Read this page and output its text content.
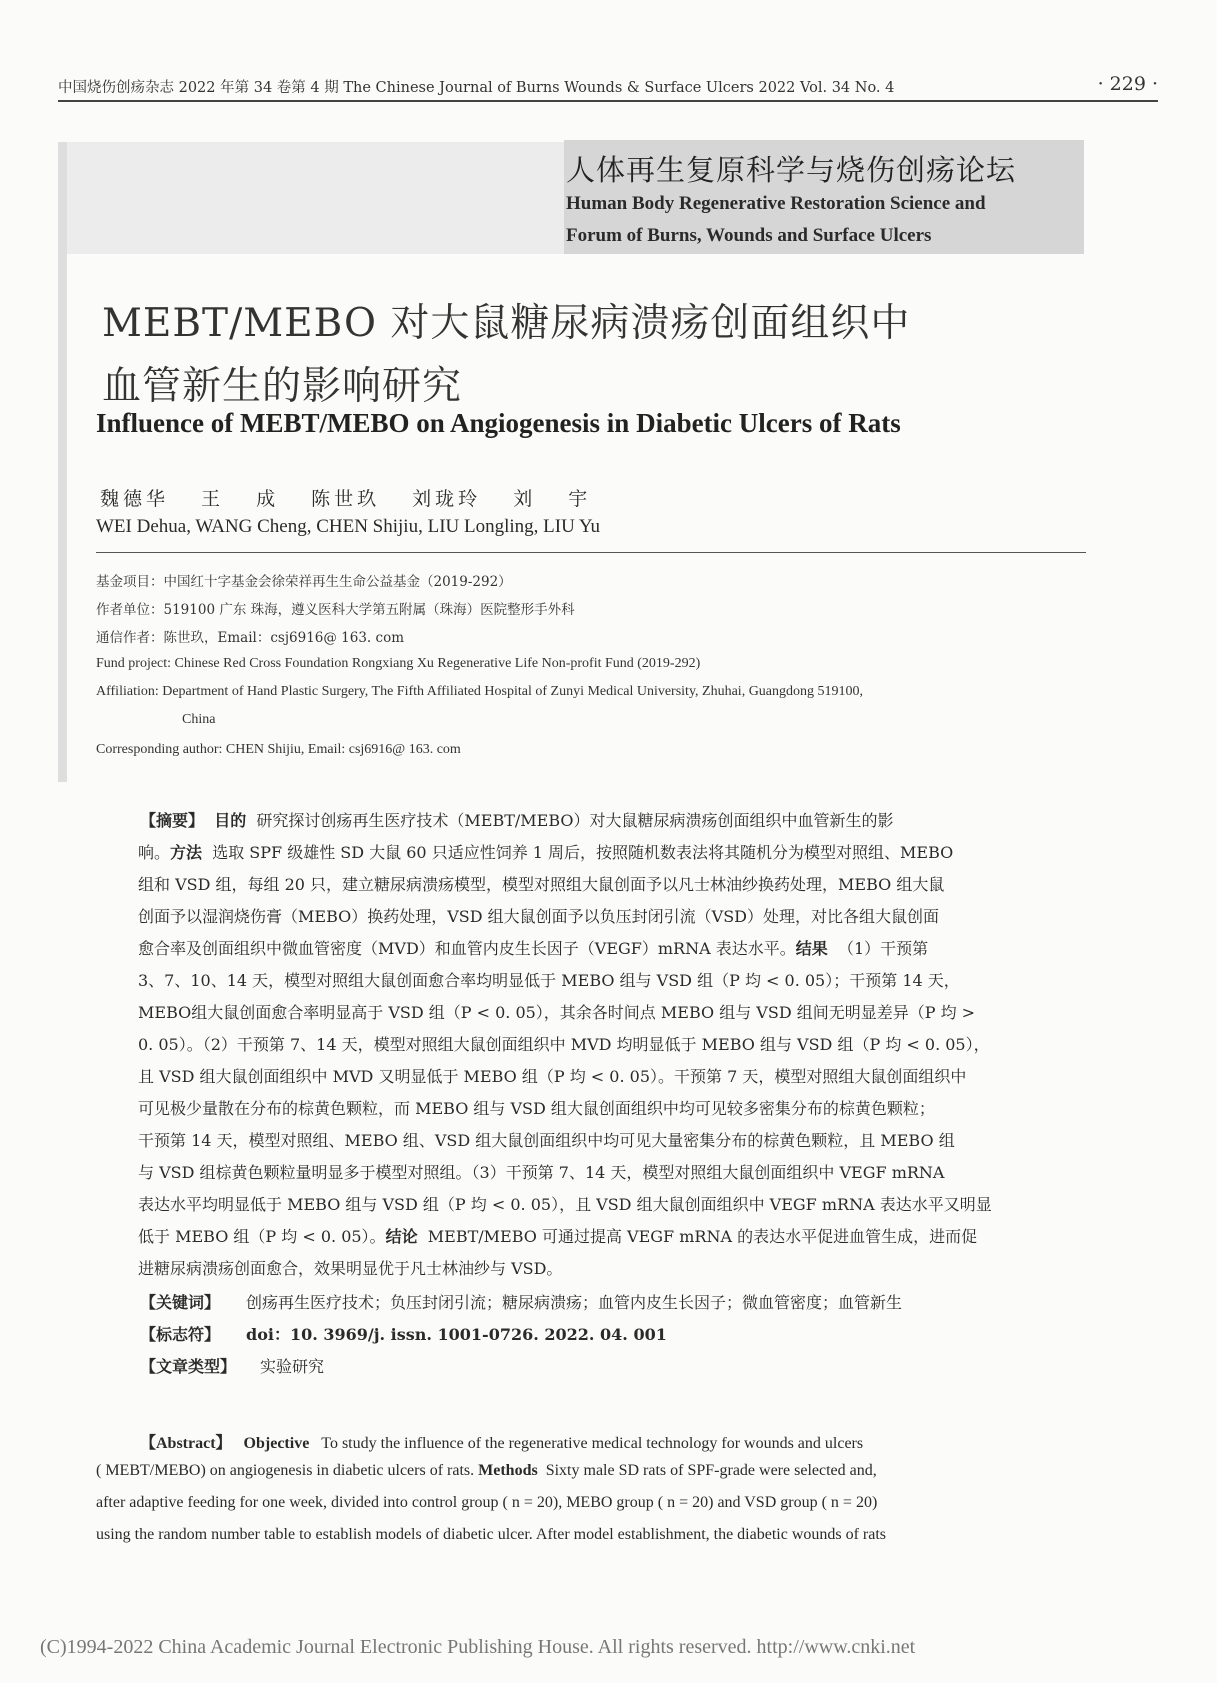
中国烧伤创疡杂志 2022 年第 34 卷第 4 期 The Chinese Journal of Burns Wounds & Surface Ulcers 2022 Vol. 34 No. 4	· 229 ·
人体再生复原科学与烧伤创疡论坛
Human Body Regenerative Restoration Science and
Forum of Burns, Wounds and Surface Ulcers
MEBT/MEBO 对大鼠糖尿病溃疡创面组织中
血管新生的影响研究
Influence of MEBT/MEBO on Angiogenesis in Diabetic Ulcers of Rats
魏德华 王 成 陈世玖 刘珑玲 刘 宇
WEI Dehua, WANG Cheng, CHEN Shijiu, LIU Longling, LIU Yu
基金项目：中国红十字基金会徐荣祥再生生命公益基金（2019-292）
作者单位：519100 广东 珠海，遵义医科大学第五附属（珠海）医院整形手外科
通信作者：陈世玖，Email：csj6916@ 163. com
Fund project: Chinese Red Cross Foundation Rongxiang Xu Regenerative Life Non-profit Fund (2019-292)
Affiliation: Department of Hand Plastic Surgery, The Fifth Affiliated Hospital of Zunyi Medical University, Zhuhai, Guangdong 519100,
China
Corresponding author: CHEN Shijiu, Email: csj6916@ 163. com
【摘要】 目的 研究探讨创疡再生医疗技术（MEBT/MEBO）对大鼠糖尿病溃疡创面组织中血管新生的影
响。方法 选取 SPF 级雄性 SD 大鼠 60 只适应性饲养 1 周后，按照随机数表法将其随机分为模型对照组、MEBO
组和 VSD 组，每组 20 只，建立糖尿病溃疡模型，模型对照组大鼠创面予以凡士林油纱换药处理，MEBO 组大鼠
创面予以湿润烧伤膏（MEBO）换药处理，VSD 组大鼠创面予以负压封闭引流（VSD）处理，对比各组大鼠创面
愈合率及创面组织中微血管密度（MVD）和血管内皮生长因子（VEGF）mRNA 表达水平。结果 （1）干预第
3、7、10、14 天，模型对照组大鼠创面愈合率均明显低于 MEBO 组与 VSD 组（P 均 < 0. 05）；干预第 14 天，
MEBO组大鼠创面愈合率明显高于 VSD 组（P < 0. 05），其余各时间点 MEBO 组与 VSD 组间无明显差异（P 均 >
0. 05）。（2）干预第 7、14 天，模型对照组大鼠创面组织中 MVD 均明显低于 MEBO 组与 VSD 组（P 均 < 0. 05），
且 VSD 组大鼠创面组织中 MVD 又明显低于 MEBO 组（P 均 < 0. 05）。干预第 7 天，模型对照组大鼠创面组织中
可见极少量散在分布的棕黄色颗粒，而 MEBO 组与 VSD 组大鼠创面组织中均可见较多密集分布的棕黄色颗粒；
干预第 14 天，模型对照组、MEBO 组、VSD 组大鼠创面组织中均可见大量密集分布的棕黄色颗粒，且 MEBO 组
与 VSD 组棕黄色颗粒量明显多于模型对照组。（3）干预第 7、14 天，模型对照组大鼠创面组织中 VEGF mRNA
表达水平均明显低于 MEBO 组与 VSD 组（P 均 < 0. 05），且 VSD 组大鼠创面组织中 VEGF mRNA 表达水平又明显
低于 MEBO 组（P 均 < 0. 05）。结论 MEBT/MEBO 可通过提高 VEGF mRNA 的表达水平促进血管生成，进而促
进糖尿病溃疡创面愈合，效果明显优于凡士林油纱与 VSD。
【关键词】 创疡再生医疗技术；负压封闭引流；糖尿病溃疡；血管内皮生长因子；微血管密度；血管新生
【标志符】 doi：10. 3969/j. issn. 1001-0726. 2022. 04. 001
【文章类型】 实验研究
【Abstract】 Objective To study the influence of the regenerative medical technology for wounds and ulcers
( MEBT/MEBO) on angiogenesis in diabetic ulcers of rats. Methods Sixty male SD rats of SPF-grade were selected and,
after adaptive feeding for one week, divided into control group ( n = 20), MEBO group ( n = 20) and VSD group ( n = 20)
using the random number table to establish models of diabetic ulcer. After model establishment, the diabetic wounds of rats
(C)1994-2022 China Academic Journal Electronic Publishing House. All rights reserved. http://www.cnki.net
